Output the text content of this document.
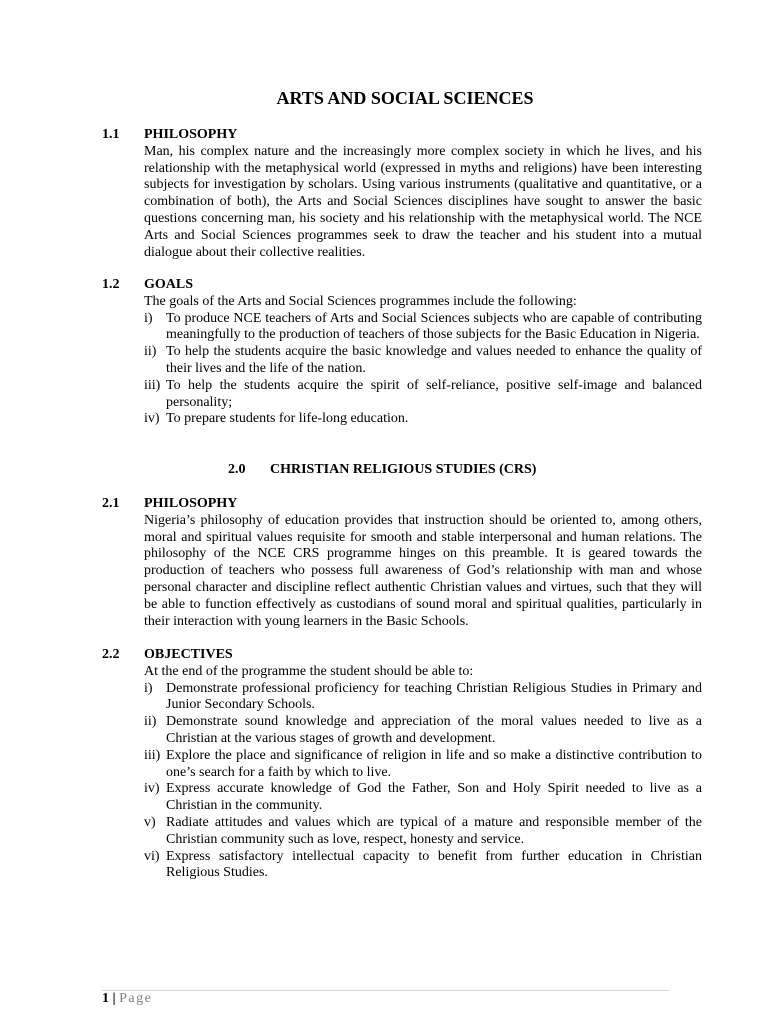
ARTS AND SOCIAL SCIENCES
1.1 PHILOSOPHY
Man, his complex nature and the increasingly more complex society in which he lives, and his relationship with the metaphysical world (expressed in myths and religions) have been interesting subjects for investigation by scholars. Using various instruments (qualitative and quantitative, or a combination of both), the Arts and Social Sciences disciplines have sought to answer the basic questions concerning man, his society and his relationship with the metaphysical world. The NCE Arts and Social Sciences programmes seek to draw the teacher and his student into a mutual dialogue about their collective realities.
1.2 GOALS
The goals of the Arts and Social Sciences programmes include the following:
i) To produce NCE teachers of Arts and Social Sciences subjects who are capable of contributing meaningfully to the production of teachers of those subjects for the Basic Education in Nigeria.
ii) To help the students acquire the basic knowledge and values needed to enhance the quality of their lives and the life of the nation.
iii) To help the students acquire the spirit of self-reliance, positive self-image and balanced personality;
iv) To prepare students for life-long education.
2.0 CHRISTIAN RELIGIOUS STUDIES (CRS)
2.1 PHILOSOPHY
Nigeria’s philosophy of education provides that instruction should be oriented to, among others, moral and spiritual values requisite for smooth and stable interpersonal and human relations. The philosophy of the NCE CRS programme hinges on this preamble. It is geared towards the production of teachers who possess full awareness of God’s relationship with man and whose personal character and discipline reflect authentic Christian values and virtues, such that they will be able to function effectively as custodians of sound moral and spiritual qualities, particularly in their interaction with young learners in the Basic Schools.
2.2 OBJECTIVES
At the end of the programme the student should be able to:
i) Demonstrate professional proficiency for teaching Christian Religious Studies in Primary and Junior Secondary Schools.
ii) Demonstrate sound knowledge and appreciation of the moral values needed to live as a Christian at the various stages of growth and development.
iii) Explore the place and significance of religion in life and so make a distinctive contribution to one’s search for a faith by which to live.
iv) Express accurate knowledge of God the Father, Son and Holy Spirit needed to live as a Christian in the community.
v) Radiate attitudes and values which are typical of a mature and responsible member of the Christian community such as love, respect, honesty and service.
vi) Express satisfactory intellectual capacity to benefit from further education in Christian Religious Studies.
1 | Page
